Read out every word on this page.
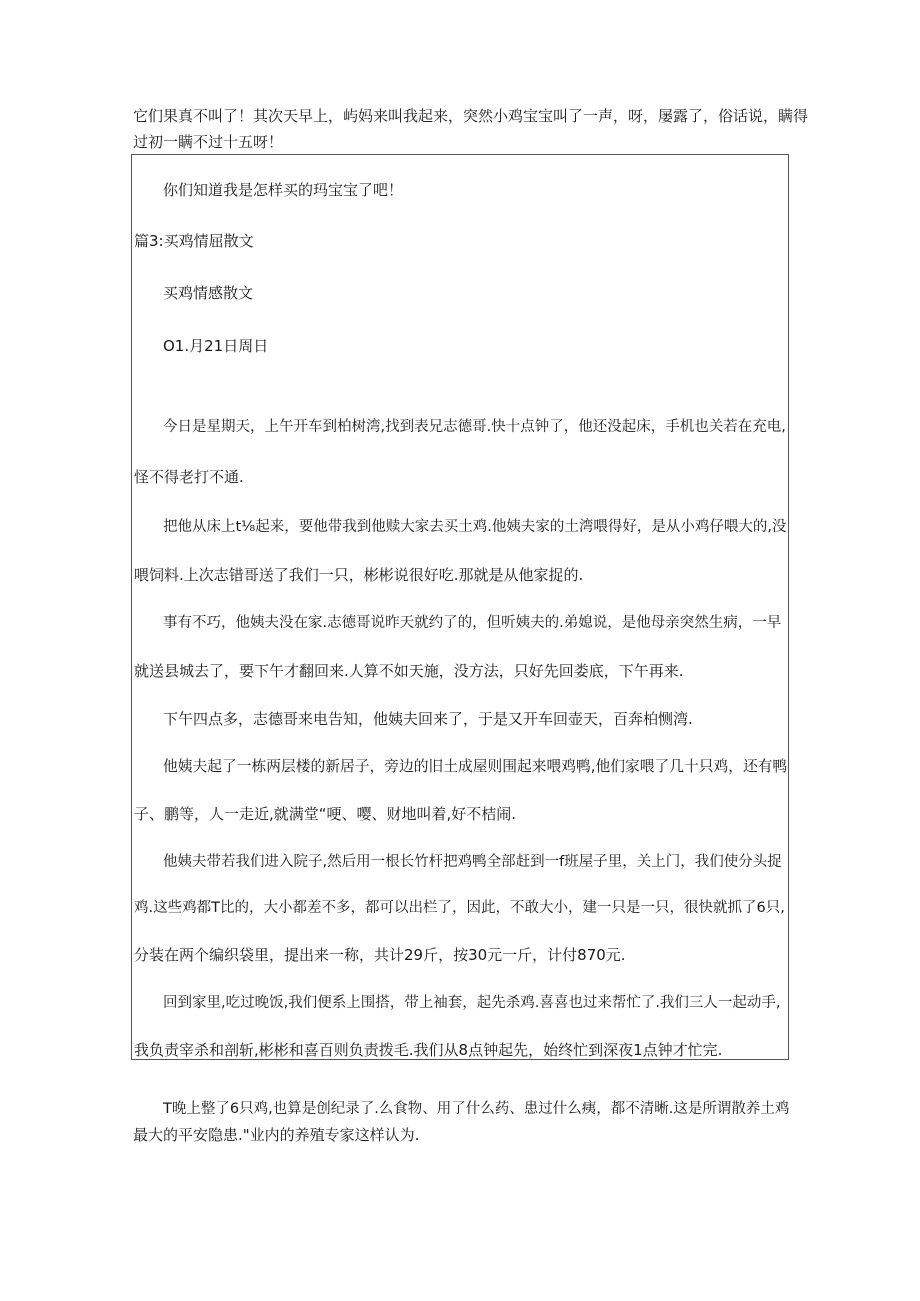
它们果真不叫了！其次天早上，屿妈来叫我起来，突然小鸡宝宝叫了一声，呀，屡露了，俗话说，瞒得

过初一瞒不过十五呀！

你们知道我是怎样买的玛宝宝了吧！

篇3:买鸡情屈散文

买鸡情感散文

O1.月21日周日

今日是星期天，上午开车到柏树湾,找到表兄志德哥.快十点钟了，他还没起床，手机也关若在充电,

怪不得老打不通.

把他从床上t⅛起来，要他带我到他赎大家去买土鸡.他姨夫家的土湾喂得好，是从小鸡仔喂大的,没

喂饲料.上次志错哥送了我们一只，彬彬说很好吃.那就是从他家捉的.

事有不巧，他姨夫没在家.志德哥说昨天就约了的，但听姨夫的.弟媳说，是他母亲突然生病，一早

就送县城去了，要下午才翻回来.人算不如天施，没方法，只好先回娄底，下午再来.

下午四点多，志德哥来电告知，他姨夫回来了，于是又开车回壶天，百奔柏恻湾.

他姨夫起了一栋两层楼的新居子，旁边的旧土成屋则围起来喂鸡鸭,他们家喂了几十只鸡，还有鸭

子、鹏等，人一走近,就满堂“哽、嘤、财地叫着,好不桔闹.

他姨夫带若我们进入院子,然后用一根长竹杆把鸡鸭全部赶到一f班屋子里，关上门，我们使分头捉

鸡.这些鸡都T比的，大小都差不多，都可以出栏了，因此，不敢大小，建一只是一只，很快就抓了6只,

分装在两个编织袋里，提出来一称，共计29斤，按30元一斤，计付870元.

回到家里,吃过晚饭,我们便系上围搭，带上袖套，起先杀鸡.喜喜也过来帮忙了.我们三人一起动手,

我负责宰杀和剖斩,彬彬和喜百则负责拨毛.我们从8点钟起先，始终忙到深夜1点钟才忙完.

T晚上整了6只鸡,也算是创纪录了.么食物、用了什么药、患过什么痍，都不清晰.这是所谓散养土鸡

最大的平安隐患."业内的养殖专家这样认为.
